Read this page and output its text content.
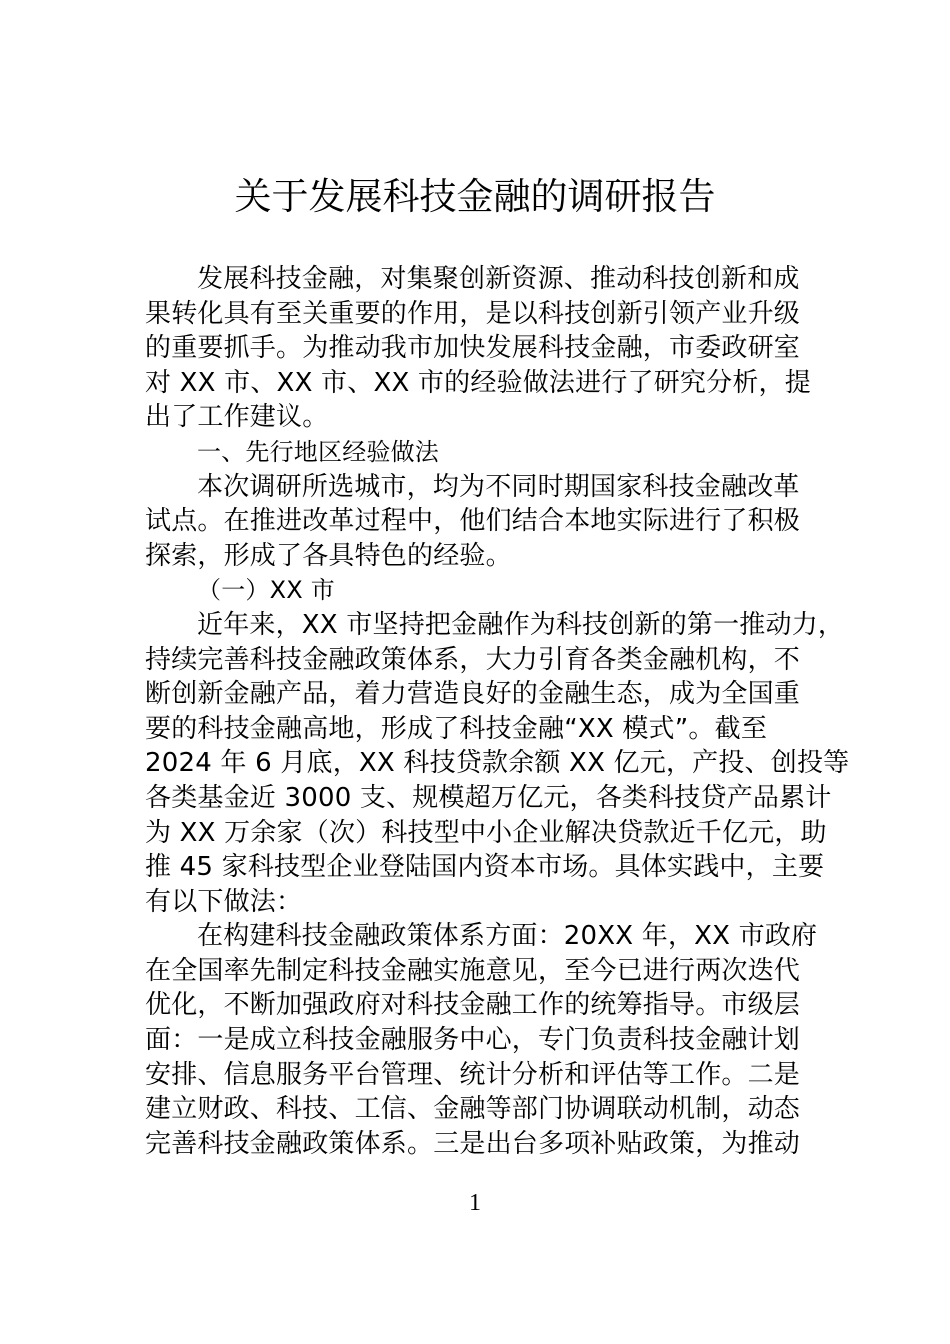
关于发展科技金融的调研报告
发展科技金融，对集聚创新资源、推动科技创新和成
果转化具有至关重要的作用，是以科技创新引领产业升级
的重要抓手。为推动我市加快发展科技金融，市委政研室
对 XX 市、XX 市、XX 市的经验做法进行了研究分析，提
出了工作建议。
一、先行地区经验做法
本次调研所选城市，均为不同时期国家科技金融改革
试点。在推进改革过程中，他们结合本地实际进行了积极
探索，形成了各具特色的经验。
（一）XX 市
近年来，XX 市坚持把金融作为科技创新的第一推动力，
持续完善科技金融政策体系，大力引育各类金融机构，不
断创新金融产品，着力营造良好的金融生态，成为全国重
要的科技金融高地，形成了科技金融“XX 模式”。截至
2024 年 6 月底，XX 科技贷款余额 XX 亿元，产投、创投等
各类基金近 3000 支、规模超万亿元，各类科技贷产品累计
为 XX 万余家（次）科技型中小企业解决贷款近千亿元，助
推 45 家科技型企业登陆国内资本市场。具体实践中，主要
有以下做法：
在构建科技金融政策体系方面：20XX 年，XX 市政府
在全国率先制定科技金融实施意见，至今已进行两次迭代
优化，不断加强政府对科技金融工作的统筹指导。市级层
面：一是成立科技金融服务中心，专门负责科技金融计划
安排、信息服务平台管理、统计分析和评估等工作。二是
建立财政、科技、工信、金融等部门协调联动机制，动态
完善科技金融政策体系。三是出台多项补贴政策，为推动
1
